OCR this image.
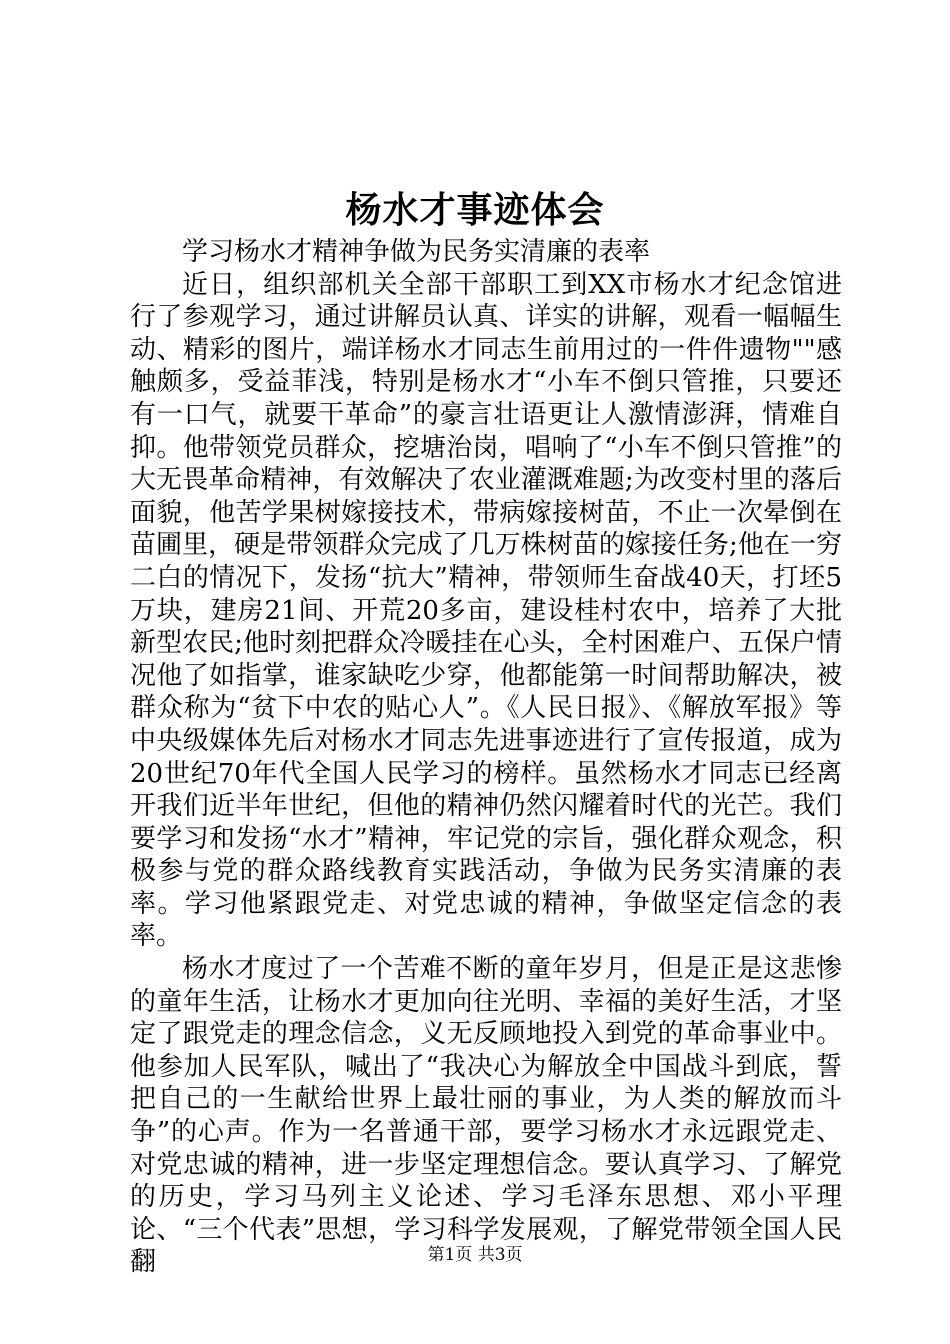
杨水才事迹体会

学习杨水才精神争做为民务实清廉的表率

近日，组织部机关全部干部职工到XX市杨水才纪念馆进行了参观学习，通过讲解员认真、详实的讲解，观看一幅幅生动、精彩的图片，端详杨水才同志生前用过的一件件遗物""感触颇多，受益菲浅，特别是杨水才“小车不倒只管推，只要还有一口气，就要干革命”的豪言壮语更让人激情澎湃，情难自抑。他带领党员群众，挖塘治岗，唱响了“小车不倒只管推”的大无畏革命精神，有效解决了农业灌溉难题;为改变村里的落后面貌，他苦学果树嫁接技术，带病嫁接树苗，不止一次晕倒在苗圃里，硬是带领群众完成了几万株树苗的嫁接任务;他在一穷二白的情况下，发扬“抗大”精神，带领师生奋战40天，打坯5万块，建房21间、开荒20多亩，建设桂村农中，培养了大批新型农民;他时刻把群众冷暖挂在心头，全村困难户、五保户情况他了如指掌，谁家缺吃少穿，他都能第一时间帮助解决，被群众称为“贫下中农的贴心人”。《人民日报》、《解放军报》等中央级媒体先后对杨水才同志先进事迹进行了宣传报道，成为20世纪70年代全国人民学习的榜样。虽然杨水才同志已经离开我们近半年世纪，但他的精神仍然闪耀着时代的光芒。我们要学习和发扬“水才”精神，牢记党的宗旨，强化群众观念，积极参与党的群众路线教育实践活动，争做为民务实清廉的表率。学习他紧跟党走、对党忠诚的精神，争做坚定信念的表率。

杨水才度过了一个苦难不断的童年岁月，但是正是这悲惨的童年生活，让杨水才更加向往光明、幸福的美好生活，才坚定了跟党走的理念信念，义无反顾地投入到党的革命事业中。他参加人民军队，喊出了“我决心为解放全中国战斗到底，誓把自己的一生献给世界上最壮丽的事业，为人类的解放而斗争”的心声。作为一名普通干部，要学习杨水才永远跟党走、对党忠诚的精神，进一步坚定理想信念。要认真学习、了解党的历史，学习马列主义论述、学习毛泽东思想、邓小平理论、“三个代表”思想，学习科学发展观，了解党带领全国人民翻	第1页 共3页
